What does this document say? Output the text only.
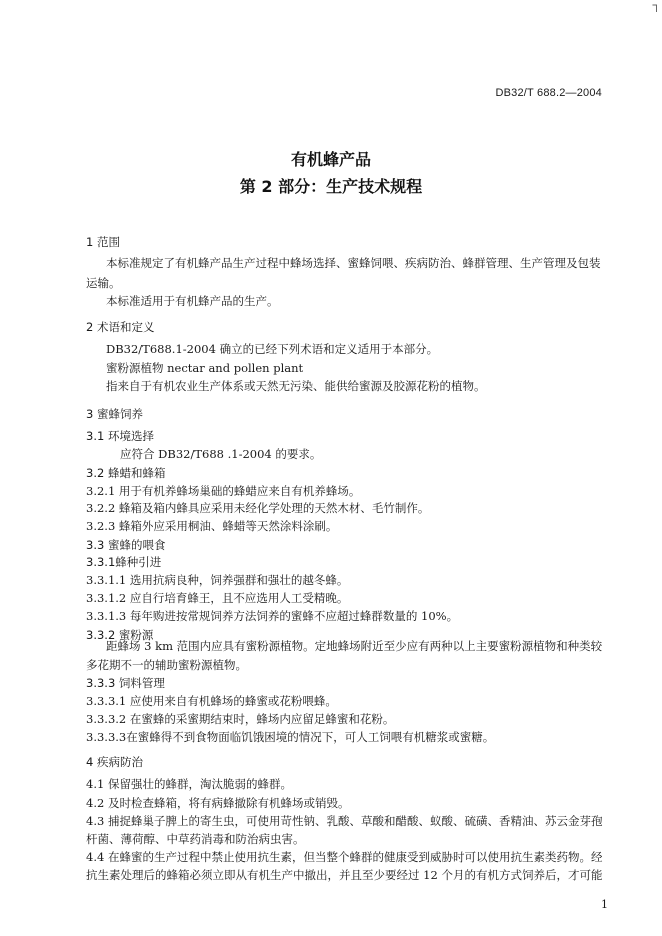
ᒣ
DB32/T 688.2—2004
有机蜂产品
第 2 部分：生产技术规程
1 范围
本标准规定了有机蜂产品生产过程中蜂场选择、蜜蜂饲喂、疾病防治、蜂群管理、生产管理及包装
运输。
本标准适用于有机蜂产品的生产。
2 术语和定义
DB32/T688.1-2004 确立的已经下列术语和定义适用于本部分。
蜜粉源植物 nectar and pollen plant
指来自于有机农业生产体系或天然无污染、能供给蜜源及胶源花粉的植物。
3 蜜蜂饲养
3.1 环境选择
应符合 DB32/T688 .1-2004 的要求。
3.2 蜂蜡和蜂箱
3.2.1 用于有机养蜂场巢础的蜂蜡应来自有机养蜂场。
3.2.2 蜂箱及箱内蜂具应采用未经化学处理的天然木材、毛竹制作。
3.2.3 蜂箱外应采用桐油、蜂蜡等天然涂料涂刷。
3.3 蜜蜂的喂食
3.3.1蜂种引进
3.3.1.1 选用抗病良种，饲养强群和强壮的越冬蜂。
3.3.1.2 应自行培育蜂王，且不应选用人工受精晚。
3.3.1.3 每年购进按常规饲养方法饲养的蜜蜂不应超过蜂群数量的 10%。
3.3.2 蜜粉源
距蜂场 3 km 范围内应具有蜜粉源植物。定地蜂场附近至少应有两种以上主要蜜粉源植物和种类较
多花期不一的辅助蜜粉源植物。
3.3.3 饲料管理
3.3.3.1 应使用来自有机蜂场的蜂蜜或花粉喂蜂。
3.3.3.2 在蜜蜂的采蜜期结束时，蜂场内应留足蜂蜜和花粉。
3.3.3.3在蜜蜂得不到食物面临饥饿困境的情况下，可人工饲喂有机糖浆或蜜糖。
4 疾病防治
4.1 保留强壮的蜂群，淘汰脆弱的蜂群。
4.2 及时检查蜂箱，将有病蜂撤除有机蜂场或销毁。
4.3 捕捉蜂巢子脾上的寄生虫，可使用苛性钠、乳酸、草酸和醋酸、蚁酸、硫磺、香精油、苏云金芽孢
杆菌、薄荷醇、中草药消毒和防治病虫害。
4.4 在蜂蜜的生产过程中禁止使用抗生素，但当整个蜂群的健康受到威胁时可以使用抗生素类药物。经
抗生素处理后的蜂箱必须立即从有机生产中撤出，并且至少要经过 12 个月的有机方式饲养后，才可能
1
